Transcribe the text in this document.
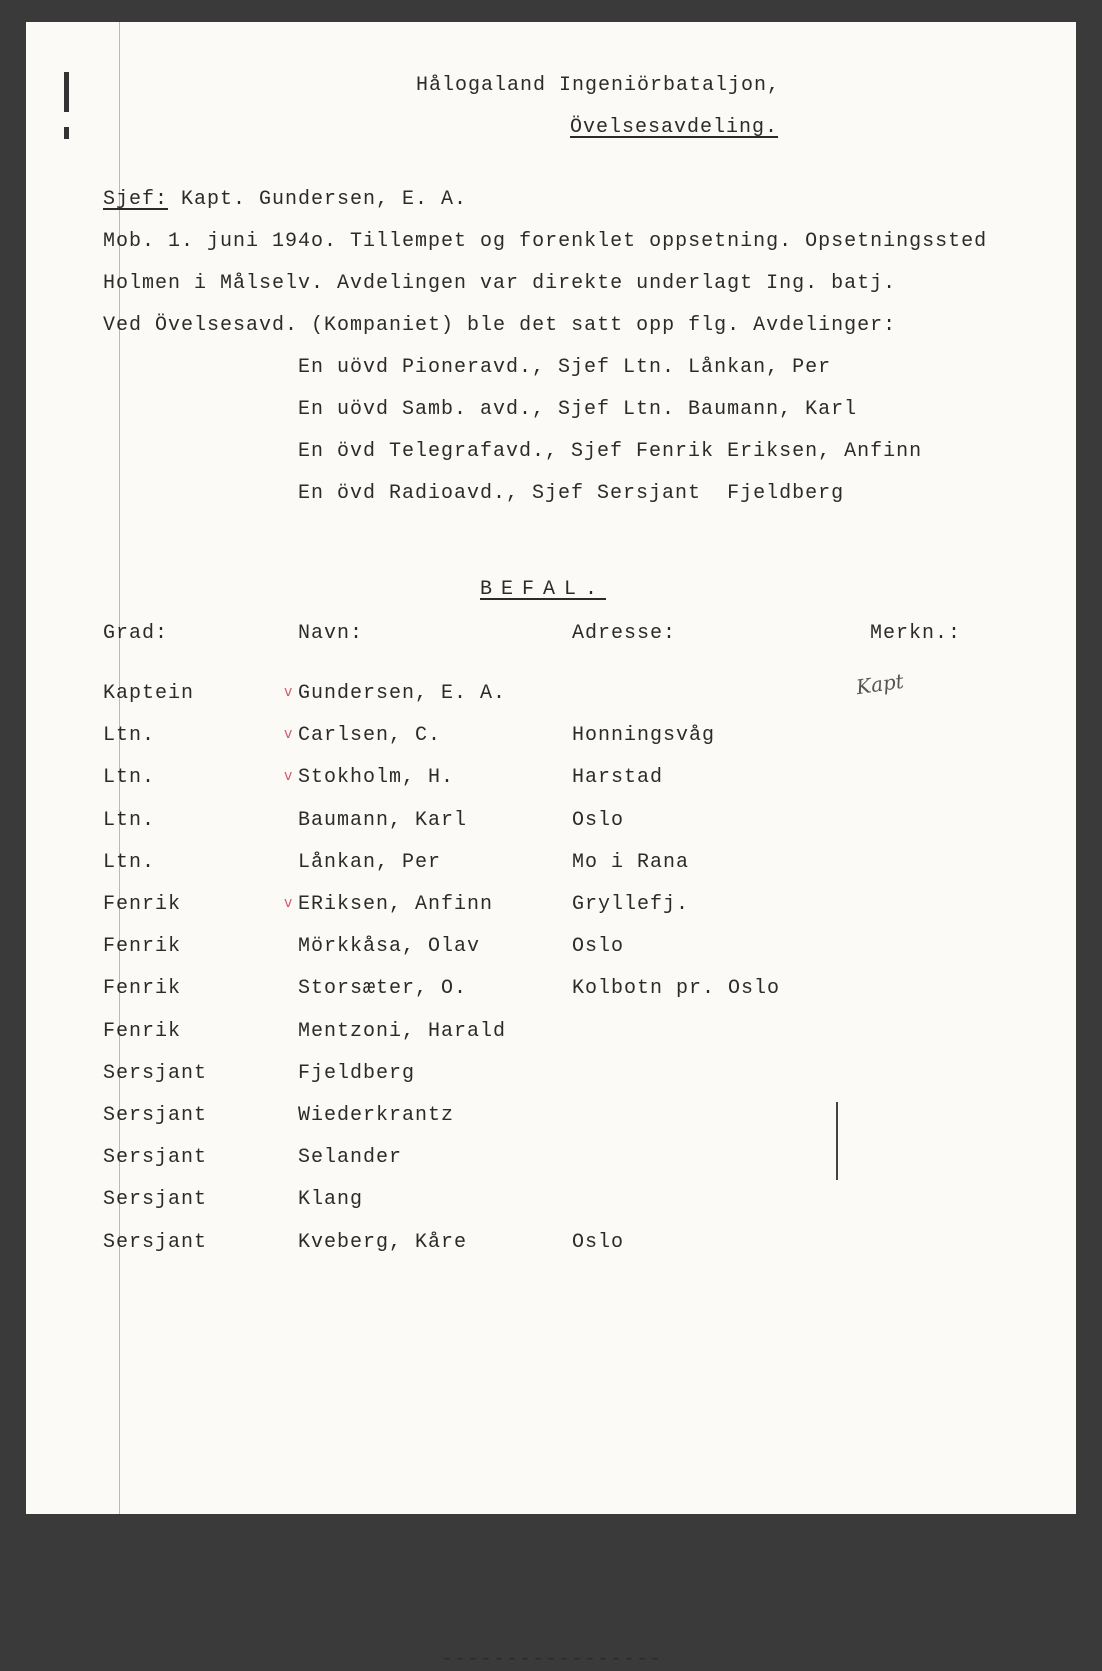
Hålogaland Ingeniörbataljon,
Övelsesavdeling.
Sjef: Kapt. Gundersen, E. A.
Mob. 1. juni 194o. Tillempet og forenklet oppsetning. Opsetningssted
Holmen i Målselv. Avdelingen var direkte underlagt Ing. batj.
Ved Övelsesavd. (Kompaniet) ble det satt opp flg. Avdelinger:
En uövd Pioneravd., Sjef Ltn. Lånkan, Per
En uövd Samb. avd., Sjef Ltn. Baumann, Karl
En övd Telegrafavd., Sjef Fenrik Eriksen, Anfinn
En övd Radioavd., Sjef Sersjant  Fjeldberg
BEFAL.
Grad:	Navn:	Adresse:	Merkn.:
Kapt
Kaptein	Gundersen, E. A.
v
Ltn.	Carlsen, C.	Honningsvåg
v
Ltn.	Stokholm, H.	Harstad
v
Ltn.	Baumann, Karl	Oslo
Ltn.	Lånkan, Per	Mo i Rana
Fenrik	ERiksen, Anfinn	Gryllefj.
v
Fenrik	Mörkkåsa, Olav	Oslo
Fenrik	Storsæter, O.	Kolbotn pr. Oslo
Fenrik	Mentzoni, Harald
Sersjant	Fjeldberg
Sersjant	Wiederkrantz
Sersjant	Selander
Sersjant	Klang
Sersjant	Kveberg, Kåre	Oslo
-----------------
